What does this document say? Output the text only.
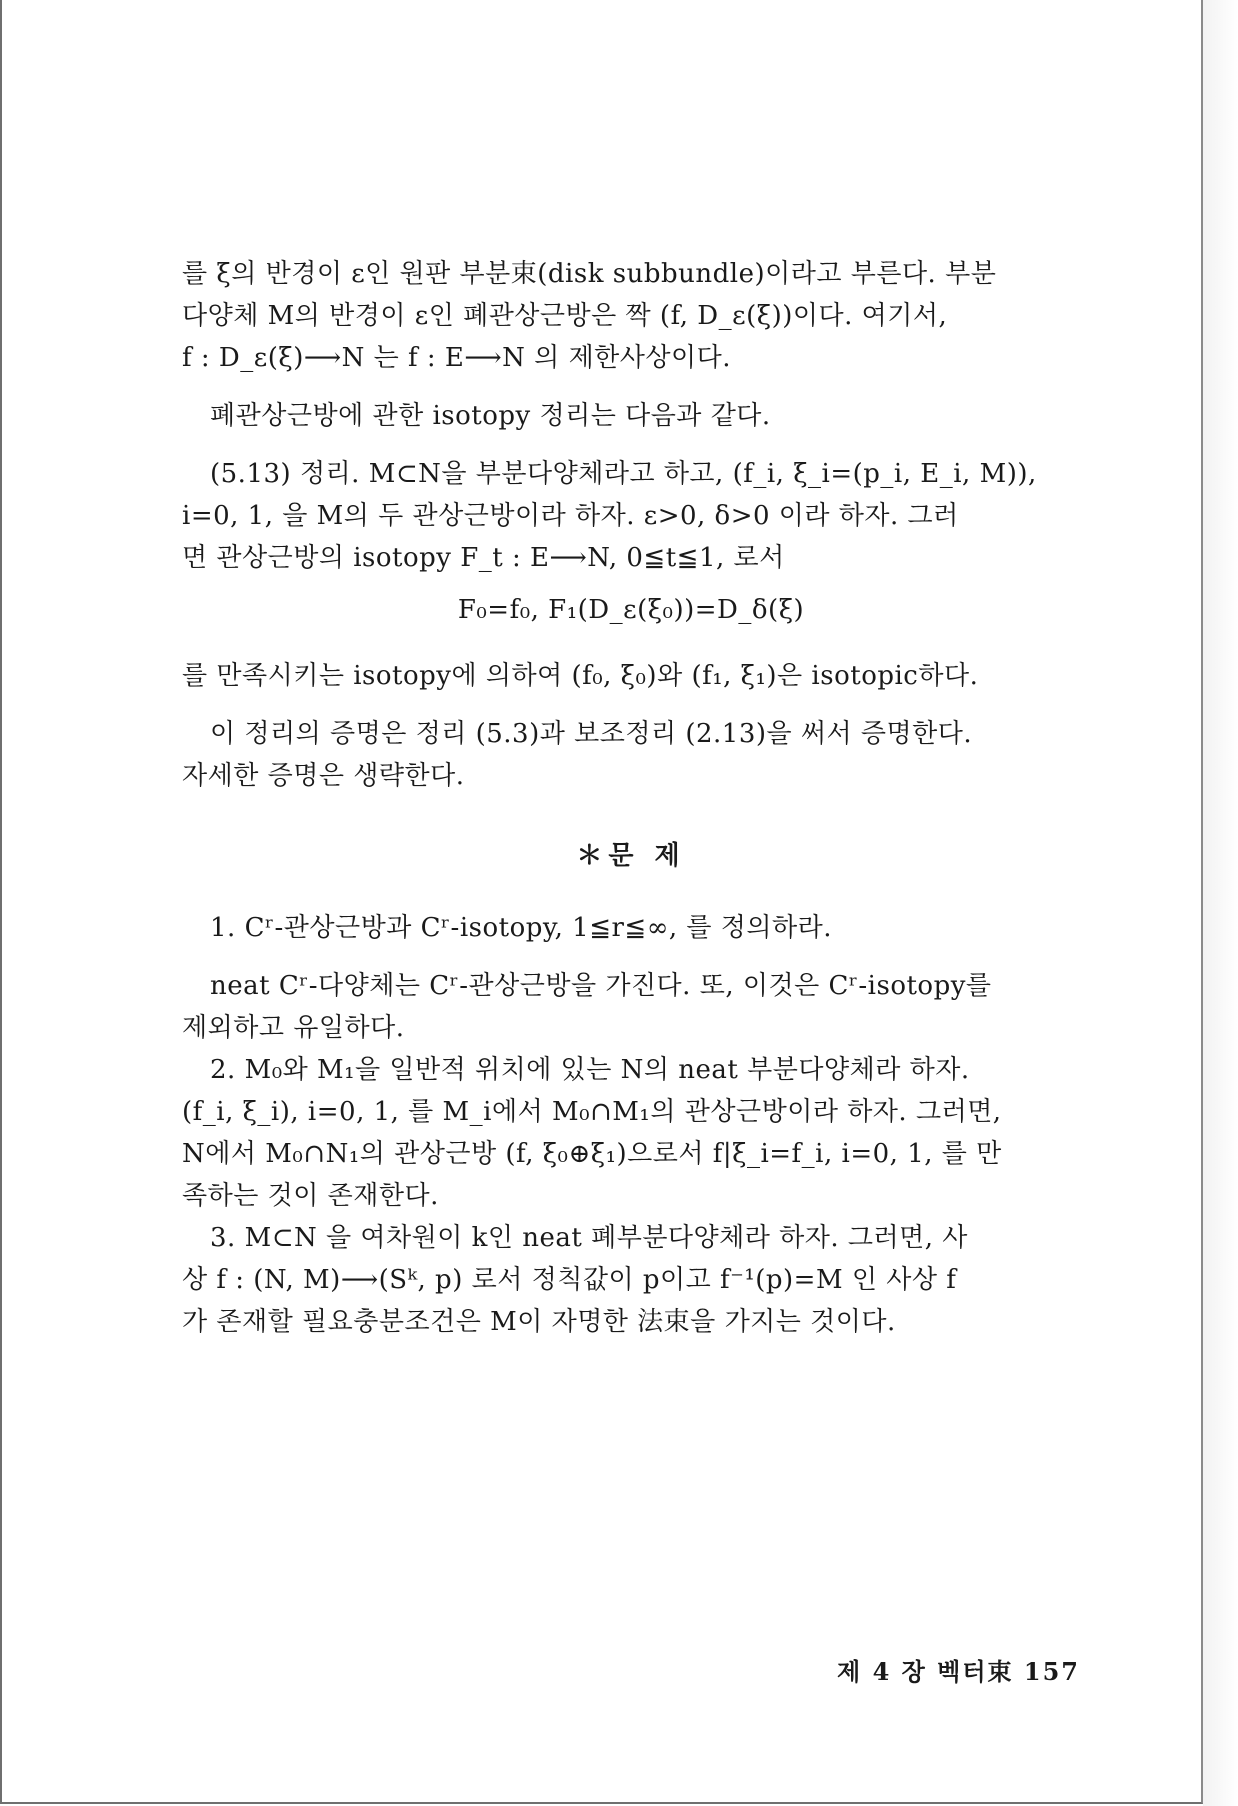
를 ξ의 반경이 ε인 원판 부분束(disk subbundle)이라고 부른다. 부분
다양체 M의 반경이 ε인 폐관상근방은 짝 (f, D_ε(ξ))이다. 여기서,
f : D_ε(ξ)⟶N 는 f : E⟶N 의 제한사상이다.

폐관상근방에 관한 isotopy 정리는 다음과 같다.

(5.13) 정리. M⊂N을 부분다양체라고 하고, (f_i, ξ_i=(p_i, E_i, M)),
i=0, 1, 을 M의 두 관상근방이라 하자. ε>0, δ>0 이라 하자. 그러
면 관상근방의 isotopy F_t : E⟶N, 0≦t≦1, 로서

F₀=f₀, F₁(D_ε(ξ₀))=D_δ(ξ)

를 만족시키는 isotopy에 의하여 (f₀, ξ₀)와 (f₁, ξ₁)은 isotopic하다.

이 정리의 증명은 정리 (5.3)과 보조정리 (2.13)을 써서 증명한다.
자세한 증명은 생략한다.

＊문 제

1. Cʳ-관상근방과 Cʳ-isotopy, 1≦r≦∞, 를 정의하라.

neat Cʳ-다양체는 Cʳ-관상근방을 가진다. 또, 이것은 Cʳ-isotopy를
제외하고 유일하다.

2. M₀와 M₁을 일반적 위치에 있는 N의 neat 부분다양체라 하자.
(f_i, ξ_i), i=0, 1, 를 M_i에서 M₀∩M₁의 관상근방이라 하자. 그러면,
N에서 M₀∩N₁의 관상근방 (f, ξ₀⊕ξ₁)으로서 f|ξ_i=f_i, i=0, 1, 를 만
족하는 것이 존재한다.

3. M⊂N 을 여차원이 k인 neat 폐부분다양체라 하자. 그러면, 사
상 f : (N, M)⟶(Sᵏ, p) 로서 정칙값이 p이고 f⁻¹(p)=M 인 사상 f
가 존재할 필요충분조건은 M이 자명한 法束을 가지는 것이다.

제 4 장 벡터束 157
